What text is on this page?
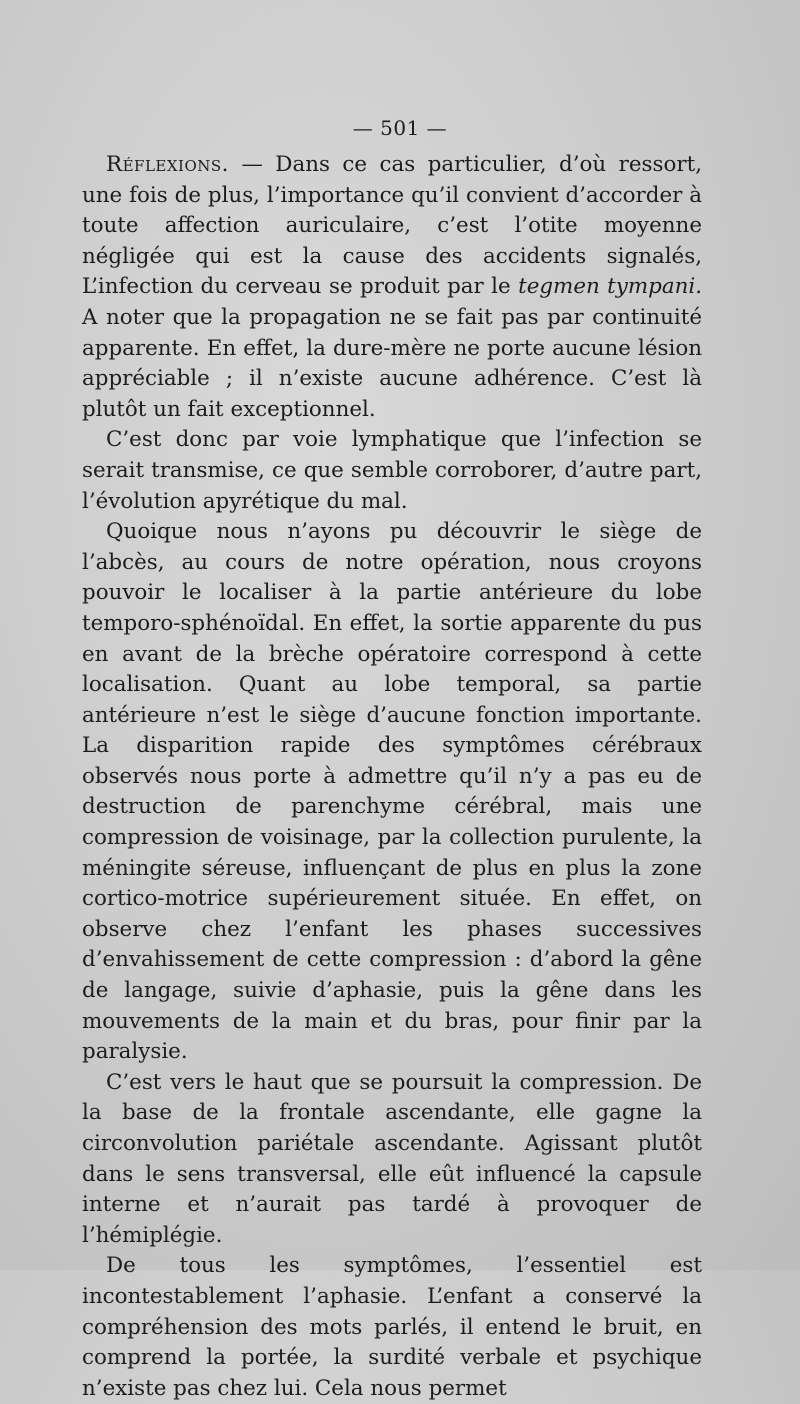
— 501 —

Réflexions. — Dans ce cas particulier, d’où ressort, une fois de plus, l’importance qu’il convient d’accorder à toute affection auriculaire, c’est l’otite moyenne négligée qui est la cause des accidents signalés, L’infection du cerveau se produit par le tegmen tympani. A noter que la propagation ne se fait pas par continuité apparente. En effet, la dure-mère ne porte aucune lésion appréciable ; il n’existe aucune adhérence. C’est là plutôt un fait exceptionnel.

C’est donc par voie lymphatique que l’infection se serait transmise, ce que semble corroborer, d’autre part, l’évolution apyrétique du mal.

Quoique nous n’ayons pu découvrir le siège de l’abcès, au cours de notre opération, nous croyons pouvoir le localiser à la partie antérieure du lobe temporo-sphénoïdal. En effet, la sortie apparente du pus en avant de la brèche opératoire correspond à cette localisation. Quant au lobe temporal, sa partie antérieure n’est le siège d’aucune fonction importante. La disparition rapide des symptômes cérébraux observés nous porte à admettre qu’il n’y a pas eu de destruction de parenchyme cérébral, mais une compression de voisinage, par la collection purulente, la méningite séreuse, influençant de plus en plus la zone cortico-motrice supérieurement située. En effet, on observe chez l’enfant les phases successives d’envahissement de cette compression : d’abord la gêne de langage, suivie d’aphasie, puis la gêne dans les mouvements de la main et du bras, pour finir par la paralysie.

C’est vers le haut que se poursuit la compression. De la base de la frontale ascendante, elle gagne la circonvolution pariétale ascendante. Agissant plutôt dans le sens transversal, elle eût influencé la capsule interne et n’aurait pas tardé à provoquer de l’hémiplégie.

De tous les symptômes, l’essentiel est incontestablement l’aphasie. L’enfant a conservé la compréhension des mots parlés, il entend le bruit, en comprend la portée, la surdité verbale et psychique n’existe pas chez lui. Cela nous permet
